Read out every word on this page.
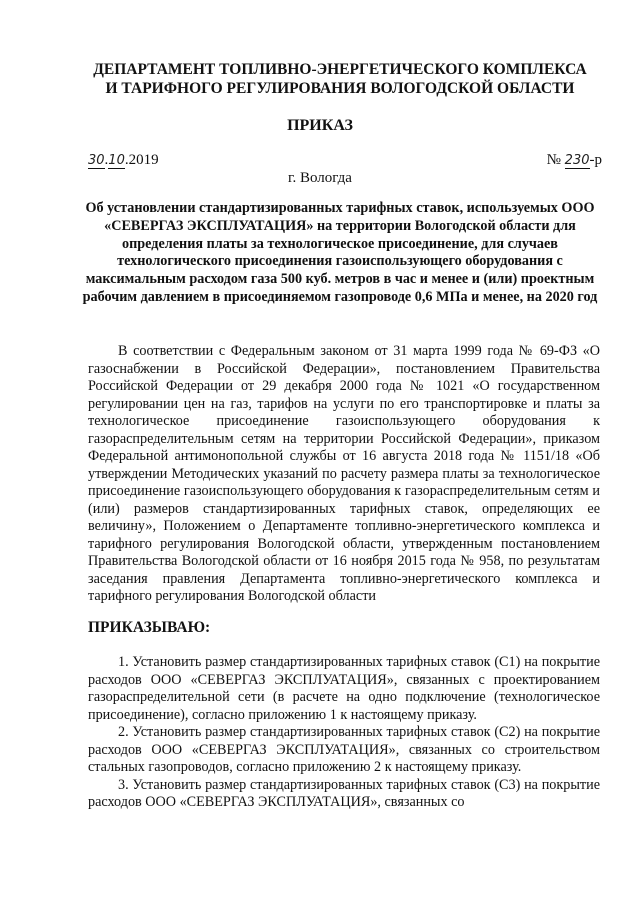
ДЕПАРТАМЕНТ ТОПЛИВНО-ЭНЕРГЕТИЧЕСКОГО КОМПЛЕКСА
И ТАРИФНОГО РЕГУЛИРОВАНИЯ ВОЛОГОДСКОЙ ОБЛАСТИ
ПРИКАЗ
30.10.2019	№ 230-р
г. Вологда
Об установлении стандартизированных тарифных ставок, используемых ООО «СЕВЕРГАЗ ЭКСПЛУАТАЦИЯ» на территории Вологодской области для определения платы за технологическое присоединение, для случаев технологического присоединения газоиспользующего оборудования с максимальным расходом газа 500 куб. метров в час и менее и (или) проектным рабочим давлением в присоединяемом газопроводе 0,6 МПа и менее, на 2020 год
В соответствии с Федеральным законом от 31 марта 1999 года № 69-ФЗ «О газоснабжении в Российской Федерации», постановлением Правительства Российской Федерации от 29 декабря 2000 года № 1021 «О государственном регулировании цен на газ, тарифов на услуги по его транспортировке и платы за технологическое присоединение газоиспользующего оборудования к газораспределительным сетям на территории Российской Федерации», приказом Федеральной антимонопольной службы от 16 августа 2018 года № 1151/18 «Об утверждении Методических указаний по расчету размера платы за технологическое присоединение газоиспользующего оборудования к газораспределительным сетям и (или) размеров стандартизированных тарифных ставок, определяющих ее величину», Положением о Департаменте топливно-энергетического комплекса и тарифного регулирования Вологодской области, утвержденным постановлением Правительства Вологодской области от 16 ноября 2015 года № 958, по результатам заседания правления Департамента топливно-энергетического комплекса и тарифного регулирования Вологодской области
ПРИКАЗЫВАЮ:

1. Установить размер стандартизированных тарифных ставок (С1) на покрытие расходов ООО «СЕВЕРГАЗ ЭКСПЛУАТАЦИЯ», связанных с проектированием газораспределительной сети (в расчете на одно подключение (технологическое присоединение), согласно приложению 1 к настоящему приказу.

2. Установить размер стандартизированных тарифных ставок (С2) на покрытие расходов ООО «СЕВЕРГАЗ ЭКСПЛУАТАЦИЯ», связанных со строительством стальных газопроводов, согласно приложению 2 к настоящему приказу.

3. Установить размер стандартизированных тарифных ставок (С3) на покрытие расходов ООО «СЕВЕРГАЗ ЭКСПЛУАТАЦИЯ», связанных со
